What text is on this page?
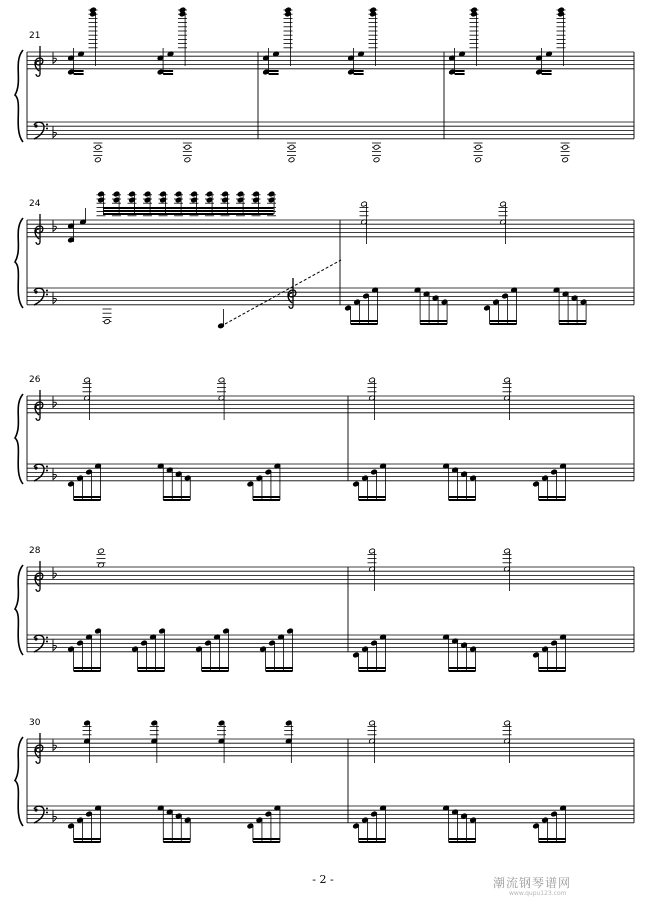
21
24
26
28
30
- 2 -	潮流钢琴谱网
www.qupu123.com
